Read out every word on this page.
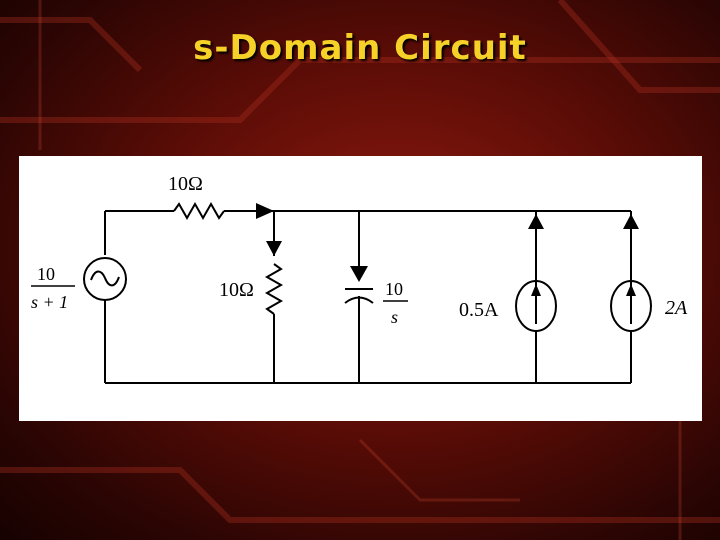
s-Domain Circuit
10Ω
10Ω
10
s + 1
10
s	0.5A	2A
